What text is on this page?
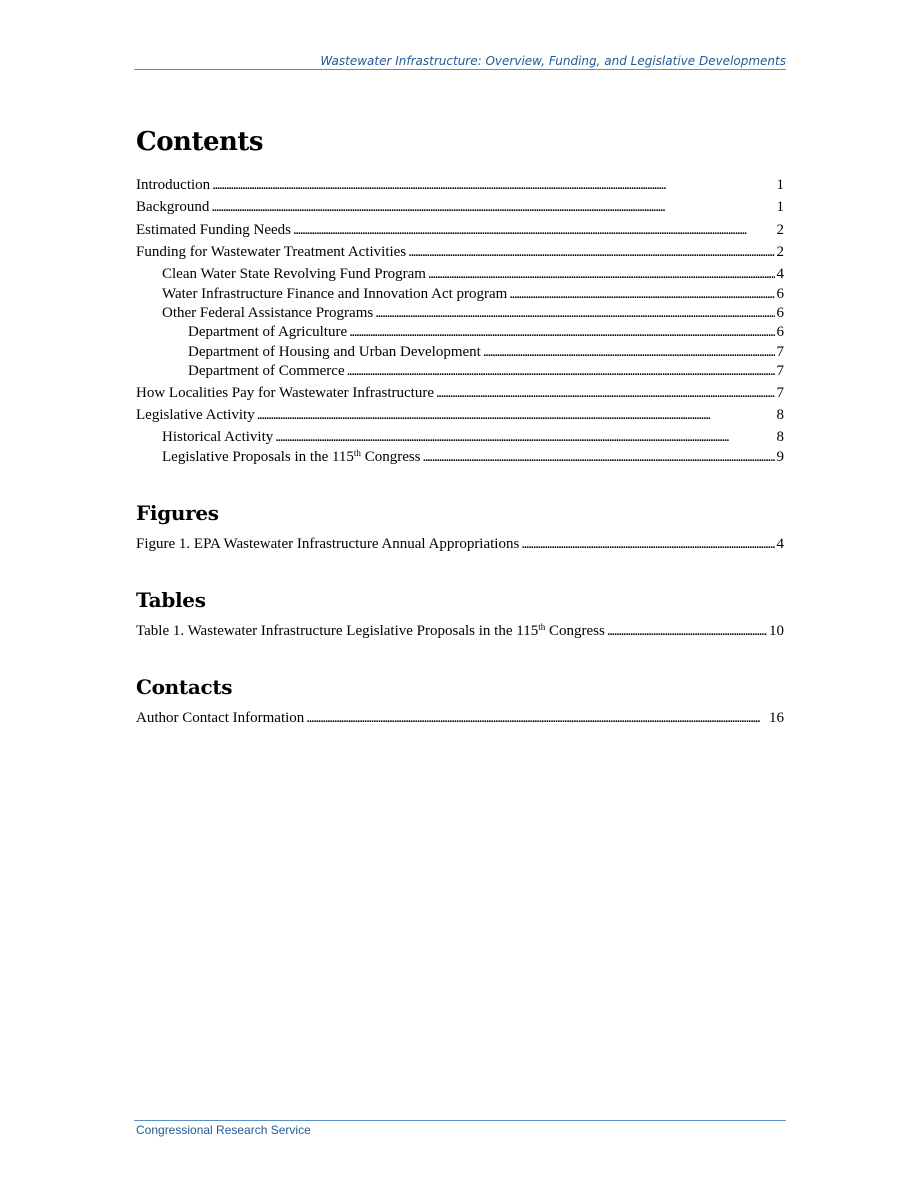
Wastewater Infrastructure: Overview, Funding, and Legislative Developments
Contents
Introduction . . .	1
Background . . .	1
Estimated Funding Needs . . .	2
Funding for Wastewater Treatment Activities . . .	2
Clean Water State Revolving Fund Program . . .	4
Water Infrastructure Finance and Innovation Act program . . .	6
Other Federal Assistance Programs . . .	6
Department of Agriculture . . .	6
Department of Housing and Urban Development . . .	7
Department of Commerce . . .	7
How Localities Pay for Wastewater Infrastructure . . .	7
Legislative Activity . . .	8
Historical Activity . . .	8
Legislative Proposals in the 115th Congress . . .	9
Figures
Figure 1. EPA Wastewater Infrastructure Annual Appropriations . . .	4
Tables
Table 1. Wastewater Infrastructure Legislative Proposals in the 115th Congress . . .	10
Contacts
Author Contact Information . . .	16
Congressional Research Service
